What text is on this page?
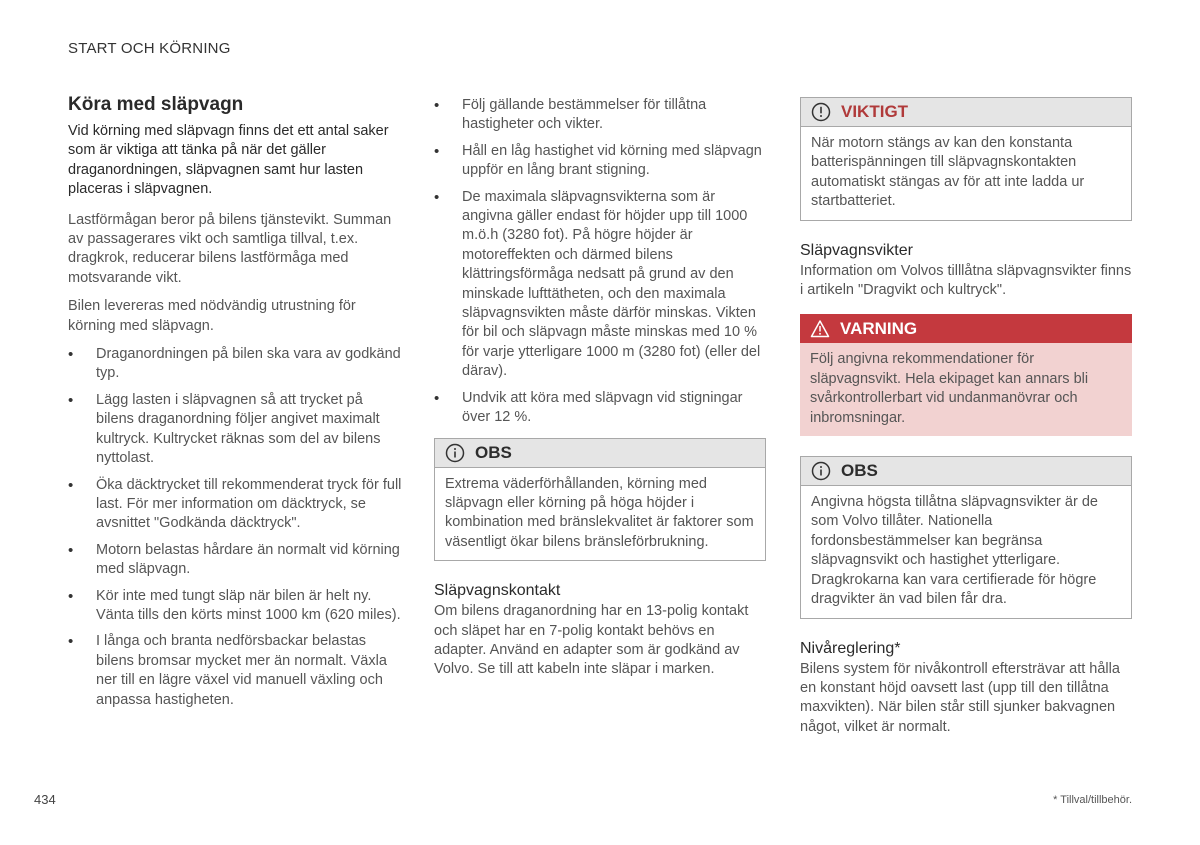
START OCH KÖRNING
Köra med släpvagn

Vid körning med släpvagn finns det ett antal saker som är viktiga att tänka på när det gäller draganordningen, släpvagnen samt hur lasten placeras i släpvagnen.

Lastförmågan beror på bilens tjänstevikt. Summan av passagerares vikt och samtliga tillval, t.ex. dragkrok, reducerar bilens lastförmåga med motsvarande vikt.

Bilen levereras med nödvändig utrustning för körning med släpvagn.

• Draganordningen på bilen ska vara av godkänd typ.
• Lägg lasten i släpvagnen så att trycket på bilens draganordning följer angivet maximalt kultryck. Kultrycket räknas som del av bilens nyttolast.
• Öka däcktrycket till rekommenderat tryck för full last. För mer information om däcktryck, se avsnittet "Godkända däcktryck".
• Motorn belastas hårdare än normalt vid körning med släpvagn.
• Kör inte med tungt släp när bilen är helt ny. Vänta tills den körts minst 1000 km (620 miles).
• I långa och branta nedförsbackar belastas bilens bromsar mycket mer än normalt. Växla ner till en lägre växel vid manuell växling och anpassa hastigheten.
• Följ gällande bestämmelser för tillåtna hastigheter och vikter.
• Håll en låg hastighet vid körning med släpvagn uppför en lång brant stigning.
• De maximala släpvagnsvikterna som är angivna gäller endast för höjder upp till 1000 m.ö.h (3280 fot). På högre höjder är motoreffekten och därmed bilens klättringsförmåga nedsatt på grund av den minskade lufttätheten, och den maximala släpvagnsvikten måste därför minskas. Vikten för bil och släpvagn måste minskas med 10 % för varje ytterligare 1000 m (3280 fot) (eller del därav).
• Undvik att köra med släpvagn vid stigningar över 12 %.
OBS
Extrema väderförhållanden, körning med släpvagn eller körning på höga höjder i kombination med bränslekvalitet är faktorer som väsentligt ökar bilens bränsleförbrukning.
Släpvagnskontakt

Om bilens draganordning har en 13-polig kontakt och släpet har en 7-polig kontakt behövs en adapter. Använd en adapter som är godkänd av Volvo. Se till att kabeln inte släpar i marken.

VIKTIGT
När motorn stängs av kan den konstanta batterispänningen till släpvagnskontakten automatiskt stängas av för att inte ladda ur startbatteriet.
Släpvagnsvikter

Information om Volvos tilllåtna släpvagnsvikter finns i artikeln "Dragvikt och kultryck".

VARNING
Följ angivna rekommendationer för släpvagnsvikt. Hela ekipaget kan annars bli svårkontrollerbart vid undanmanövrar och inbromsningar.
OBS
Angivna högsta tillåtna släpvagnsvikter är de som Volvo tillåter. Nationella fordonsbestämmelser kan begränsa släpvagnsvikt och hastighet ytterligare. Dragkrokarna kan vara certifierade för högre dragvikter än vad bilen får dra.
Nivåreglering*

Bilens system för nivåkontroll eftersträvar att hålla en konstant höjd oavsett last (upp till den tillåtna maxvikten). När bilen står still sjunker bakvagnen något, vilket är normalt.

434	* Tillval/tillbehör.
